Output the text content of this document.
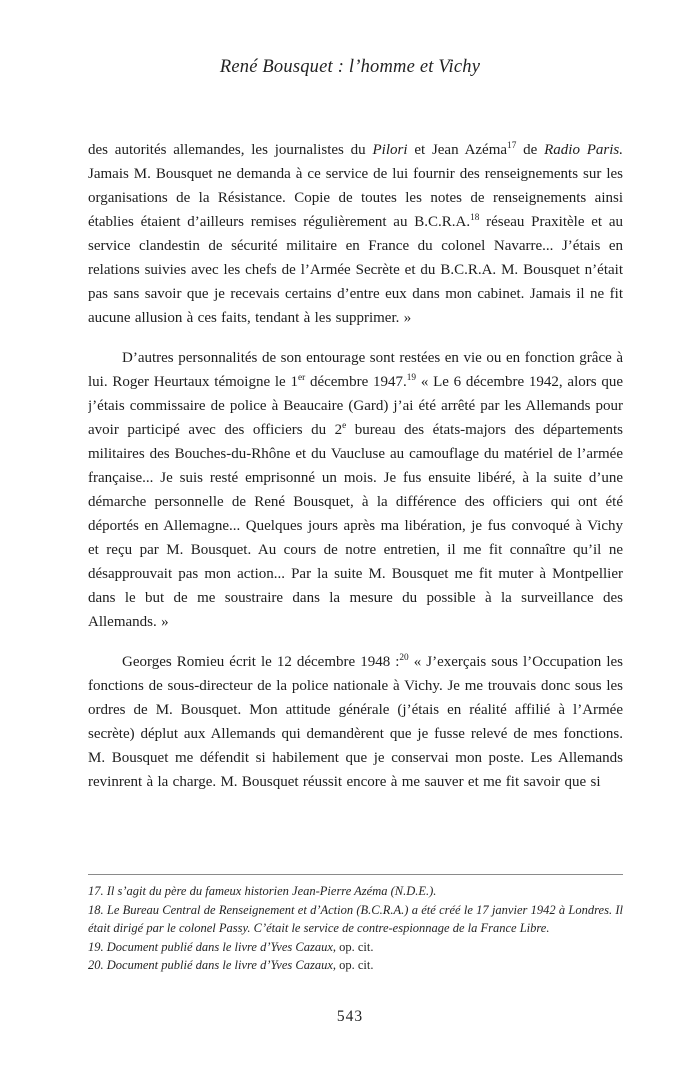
René Bousquet : l’homme et Vichy
des autorités allemandes, les journalistes du Pilori et Jean Azéma$^{17}$ de Radio Paris. Jamais M. Bousquet ne demanda à ce service de lui fournir des renseignements sur les organisations de la Résistance. Copie de toutes les notes de renseignements ainsi établies étaient d’ailleurs remises régulièrement au B.C.R.A.$^{18}$ réseau Praxitèle et au service clandestin de sécurité militaire en France du colonel Navarre... J’étais en relations suivies avec les chefs de l’Armée Secrète et du B.C.R.A. M. Bousquet n’était pas sans savoir que je recevais certains d’entre eux dans mon cabinet. Jamais il ne fit aucune allusion à ces faits, tendant à les supprimer. »
D’autres personnalités de son entourage sont restées en vie ou en fonction grâce à lui. Roger Heurtaux témoigne le 1er décembre 1947.19 « Le 6 décembre 1942, alors que j’étais commissaire de police à Beaucaire (Gard) j’ai été arrêté par les Allemands pour avoir participé avec des officiers du 2e bureau des états-majors des départements militaires des Bouches-du-Rhône et du Vaucluse au camouflage du matériel de l’armée française... Je suis resté emprisonné un mois. Je fus ensuite libéré, à la suite d’une démarche personnelle de René Bousquet, à la différence des officiers qui ont été déportés en Allemagne... Quelques jours après ma libération, je fus convoqué à Vichy et reçu par M. Bousquet. Au cours de notre entretien, il me fit connaître qu’il ne désapprouvait pas mon action... Par la suite M. Bousquet me fit muter à Montpellier dans le but de me soustraire dans la mesure du possible à la surveillance des Allemands. »
Georges Romieu écrit le 12 décembre 1948 :$^{20}$ « J’exerçais sous l’Occupation les fonctions de sous-directeur de la police nationale à Vichy. Je me trouvais donc sous les ordres de M. Bousquet. Mon attitude générale (j’étais en réalité affilié à l’Armée secrète) déplut aux Allemands qui demandèrent que je fusse relevé de mes fonctions. M. Bousquet me défendit si habilement que je conservai mon poste. Les Allemands revinrent à la charge. M. Bousquet réussit encore à me sauver et me fit savoir que si
17. Il s’agit du père du fameux historien Jean-Pierre Azéma (N.D.E.).
18. Le Bureau Central de Renseignement et d’Action (B.C.R.A.) a été créé le 17 janvier 1942 à Londres. Il était dirigé par le colonel Passy. C’était le service de contre-espionnage de la France Libre.
19. Document publié dans le livre d’Yves Cazaux, op. cit.
20. Document publié dans le livre d’Yves Cazaux, op. cit.
543
